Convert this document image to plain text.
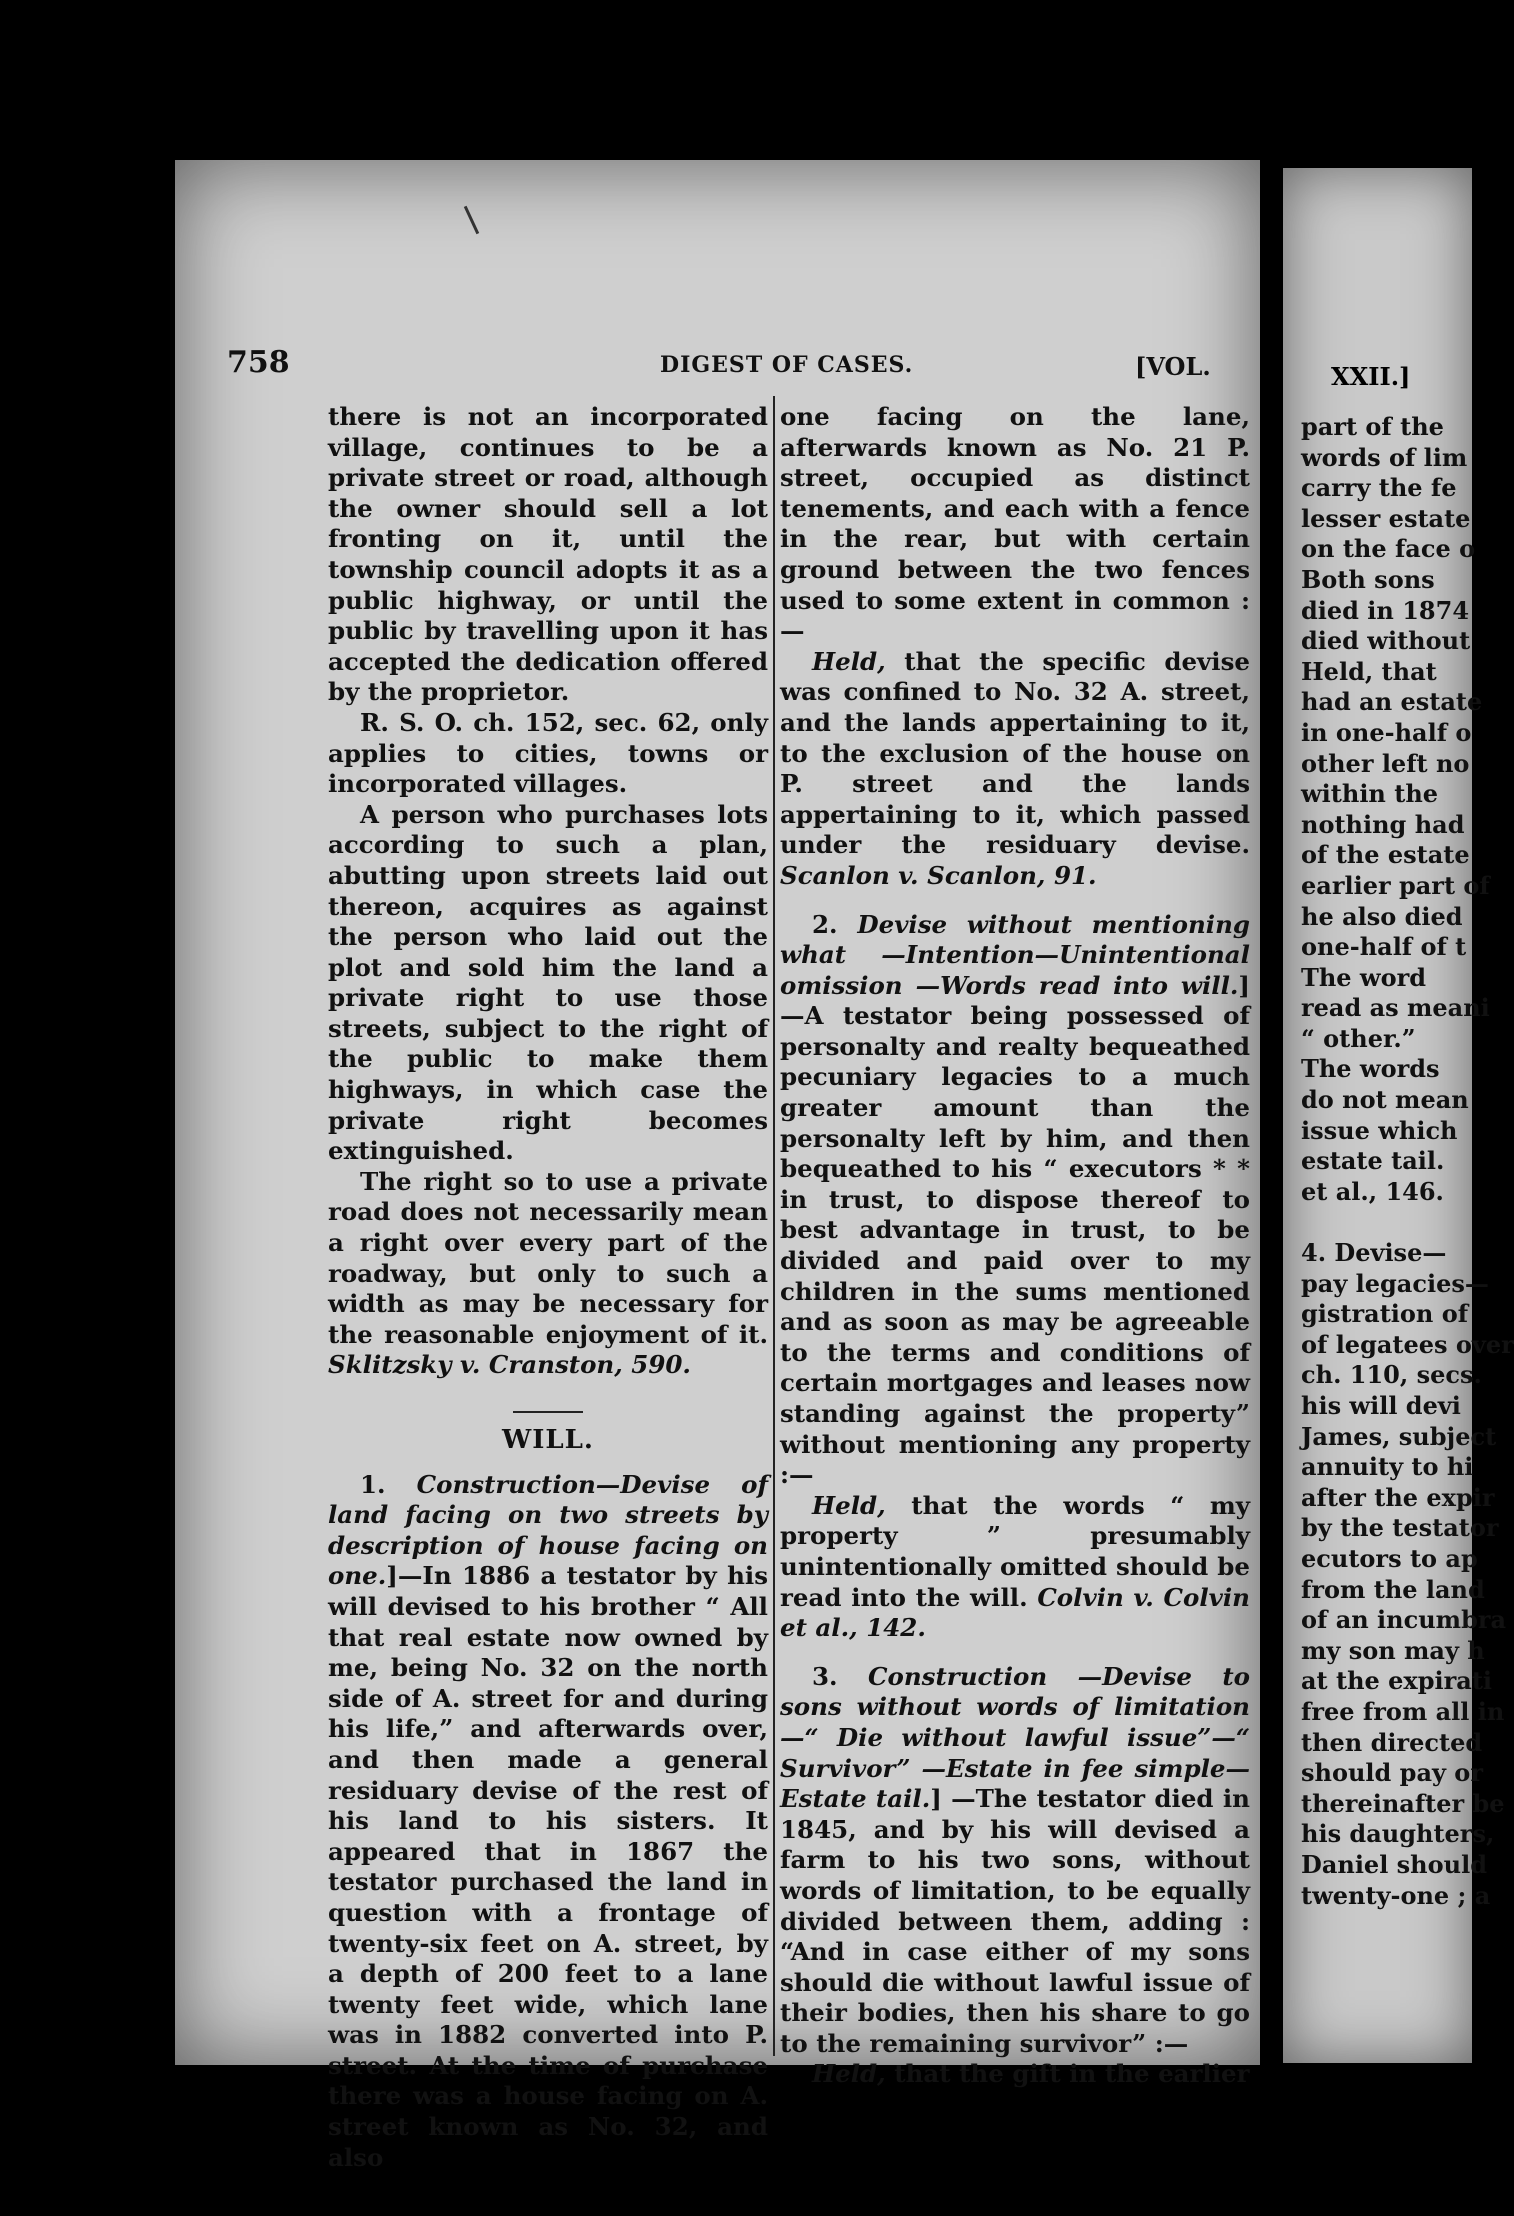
758	DIGEST OF CASES.	[VOL.

there is not an incorporated village, continues to be a private street or road, although the owner should sell a lot fronting on it, until the township council adopts it as a public highway, or until the public by travelling upon it has accepted the dedication offered by the proprietor.

R. S. O. ch. 152, sec. 62, only applies to cities, towns or incorporated villages.

A person who purchases lots according to such a plan, abutting upon streets laid out thereon, acquires as against the person who laid out the plot and sold him the land a private right to use those streets, subject to the right of the public to make them highways, in which case the private right becomes extinguished.

The right so to use a private road does not necessarily mean a right over every part of the roadway, but only to such a width as may be necessary for the reasonable enjoyment of it. Sklitzsky v. Cranston, 590.

WILL.

1. Construction—Devise of land facing on two streets by description of house facing on one.]—In 1886 a testator by his will devised to his brother “ All that real estate now owned by me, being No. 32 on the north side of A. street for and during his life,” and afterwards over, and then made a general residuary devise of the rest of his land to his sisters. It appeared that in 1867 the testator purchased the land in question with a frontage of twenty-six feet on A. street, by a depth of 200 feet to a lane twenty feet wide, which lane was in 1882 converted into P. street. At the time of purchase there was a house facing on A. street known as No. 32, and also

one facing on the lane, afterwards known as No. 21 P. street, occupied as distinct tenements, and each with a fence in the rear, but with certain ground between the two fences used to some extent in common :—

Held, that the specific devise was confined to No. 32 A. street, and the lands appertaining to it, to the exclusion of the house on P. street and the lands appertaining to it, which passed under the residuary devise. Scanlon v. Scanlon, 91.

2. Devise without mentioning what —Intention—Unintentional omission —Words read into will.]—A testator being possessed of personalty and realty bequeathed pecuniary legacies to a much greater amount than the personalty left by him, and then bequeathed to his “ executors * * in trust, to dispose thereof to best advantage in trust, to be divided and paid over to my children in the sums mentioned and as soon as may be agreeable to the terms and conditions of certain mortgages and leases now standing against the property” without mentioning any property :—

Held, that the words “ my property ” presumably unintentionally omitted should be read into the will. Colvin v. Colvin et al., 142.

3. Construction —Devise to sons without words of limitation—“ Die without lawful issue”—“ Survivor” —Estate in fee simple—Estate tail.] —The testator died in 1845, and by his will devised a farm to his two sons, without words of limitation, to be equally divided between them, adding : “And in case either of my sons should die without lawful issue of their bodies, then his share to go to the remaining survivor” :—

Held, that the gift in the earlier

XXII.]
part of the
words of lim
carry the fe
lesser estate
on the face o
Both sons
died in 1874
died without
Held, that
had an estate
in one-half o
other left no
within the
nothing had
of the estate
earlier part of
he also died
one-half of t
The word
read as meani
“ other.”
The words
do not mean
issue which
estate tail.
et al., 146.

4. Devise—
pay legacies—
gistration of
of legatees over
ch. 110, secs.
his will devi
James, subject
annuity to hi
after the expir
by the testator
ecutors to ap
from the land
of an incumbra
my son may h
at the expirati
free from all in
then directed
should pay or
thereinafter be
his daughters,
Daniel should
twenty-one ; a
